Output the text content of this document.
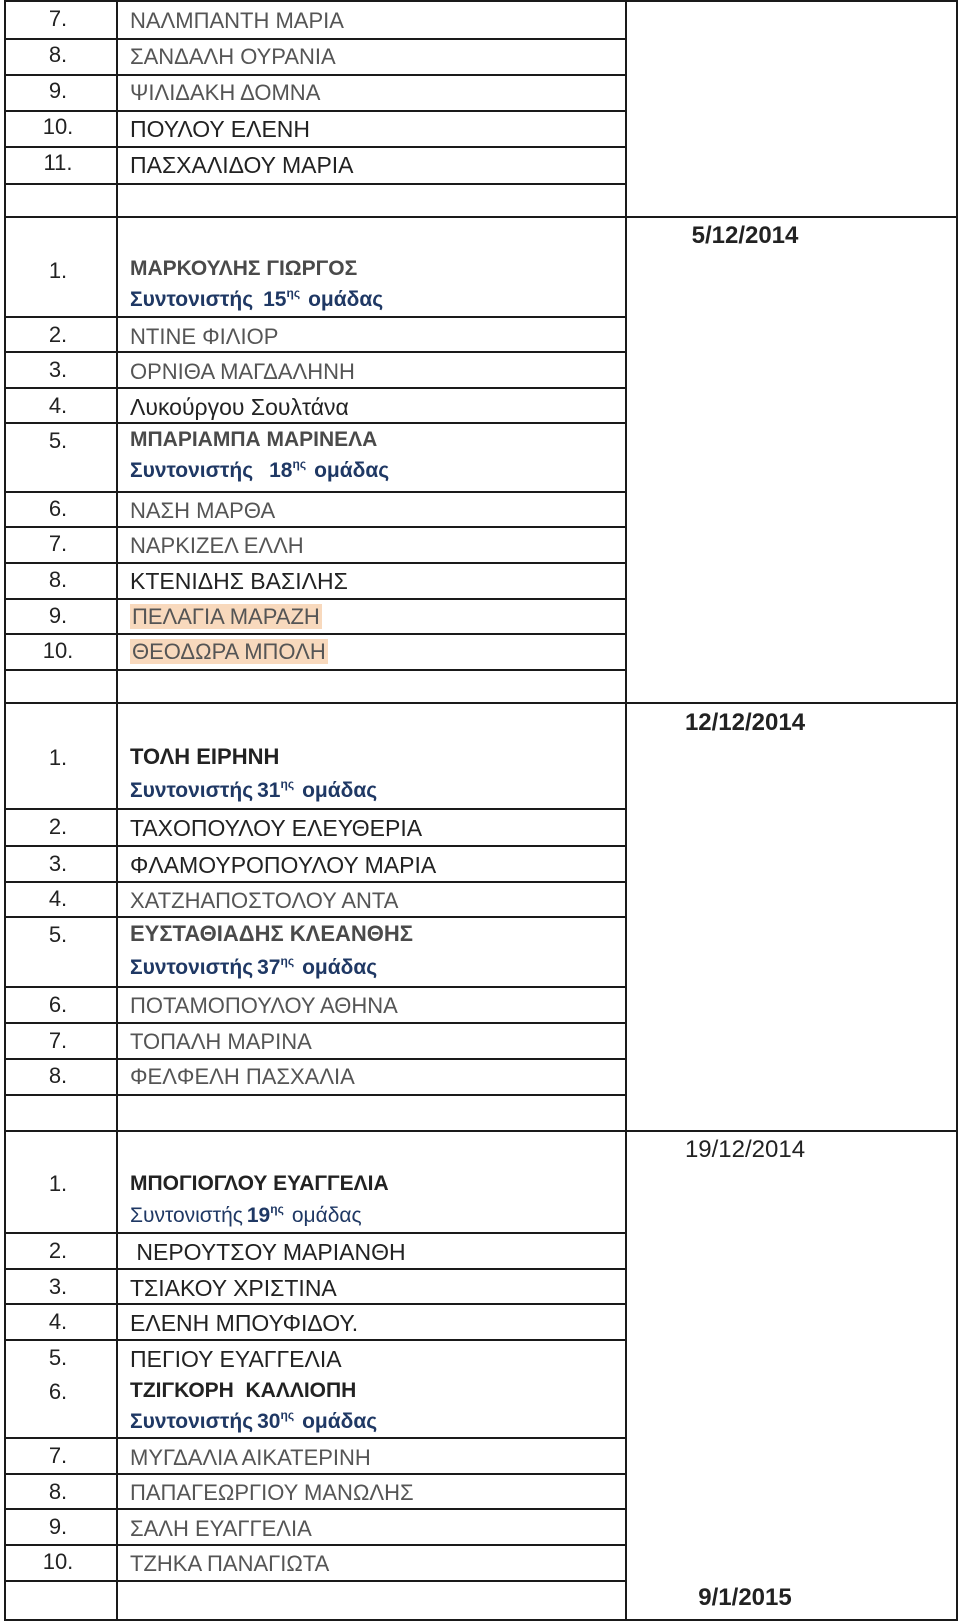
7.	ΝΑΛΜΠΑΝΤΗ ΜΑΡΙΑ
8.	ΣΑΝΔΑΛΗ ΟΥΡΑΝΙΑ
9.	ΨΙΛΙΔΑΚΗ ΔΟΜΝΑ
10.	ΠΟΥΛΟΥ ΕΛΕΝΗ
11.	ΠΑΣΧΑΛΙΔΟΥ ΜΑΡΙΑ
5/12/2014
1.	ΜΑΡΚΟΥΛΗΣ ΓΙΩΡΓΟΣ
Συντονιστής $15^{\eta\varsigma}$ ομάδας
2.	ΝΤΙΝΕ ΦΙΛΙΟΡ
3.	ΟΡΝΙΘΑ ΜΑΓΔΑΛΗΝΗ
4.	Λυκούργου Σουλτάνα
5.	ΜΠΑΡΙΑΜΠΑ ΜΑΡΙΝΕΛΑ
Συντονιστής $18^{\eta\varsigma}$ ομάδας
6.	ΝΑΣΗ ΜΑΡΘΑ
7.	ΝΑΡΚΙΖΕΛ ΕΛΛΗ
8.	ΚΤΕΝΙΔΗΣ ΒΑΣΙΛΗΣ
9.	ΠΕΛΑΓΙΑ ΜΑΡΑΖΗ
10.	ΘΕΟΔΩΡΑ ΜΠΟΛΗ
12/12/2014
1.	ΤΟΛΗ ΕΙΡΗΝΗ
Συντονιστής $31^{\eta\varsigma}$ ομάδας
2.	ΤΑΧΟΠΟΥΛΟΥ ΕΛΕΥΘΕΡΙΑ
3.	ΦΛΑΜΟΥΡΟΠΟΥΛΟΥ ΜΑΡΙΑ
4.	ΧΑΤΖΗΑΠΟΣΤΟΛΟΥ ΑΝΤΑ
5.	ΕΥΣΤΑΘΙΑΔΗΣ ΚΛΕΑΝΘΗΣ
Συντονιστής $37^{\eta\varsigma}$ ομάδας
6.	ΠΟΤΑΜΟΠΟΥΛΟΥ ΑΘΗΝΑ
7.	ΤΟΠΑΛΗ ΜΑΡΙΝΑ
8.	ΦΕΛΦΕΛΗ ΠΑΣΧΑΛΙΑ
19/12/2014
1.	ΜΠΟΓΙΟΓΛΟΥ ΕΥΑΓΓΕΛΙΑ
Συντονιστής $19^{\eta\varsigma}$ ομάδας
2.	ΝΕΡΟΥΤΣΟΥ ΜΑΡΙΑΝΘΗ
3.	ΤΣΙΑΚΟΥ ΧΡΙΣΤΙΝΑ
4.	ΕΛΕΝΗ ΜΠΟΥΦΙΔΟΥ.
5.	ΠΕΓΙΟΥ ΕΥΑΓΓΕΛΙΑ
6.	ΤΖΙΓΚΟΡΗ  ΚΑΛΛΙΟΠΗ
Συντονιστής $30^{\eta\varsigma}$ ομάδας
7.	ΜΥΓΔΑΛΙΑ ΑΙΚΑΤΕΡΙΝΗ
8.	ΠΑΠΑΓΕΩΡΓΙΟΥ ΜΑΝΩΛΗΣ
9.	ΣΑΛΗ ΕΥΑΓΓΕΛΙΑ
10.	ΤΖΗΚΑ ΠΑΝΑΓΙΩΤΑ
9/1/2015
